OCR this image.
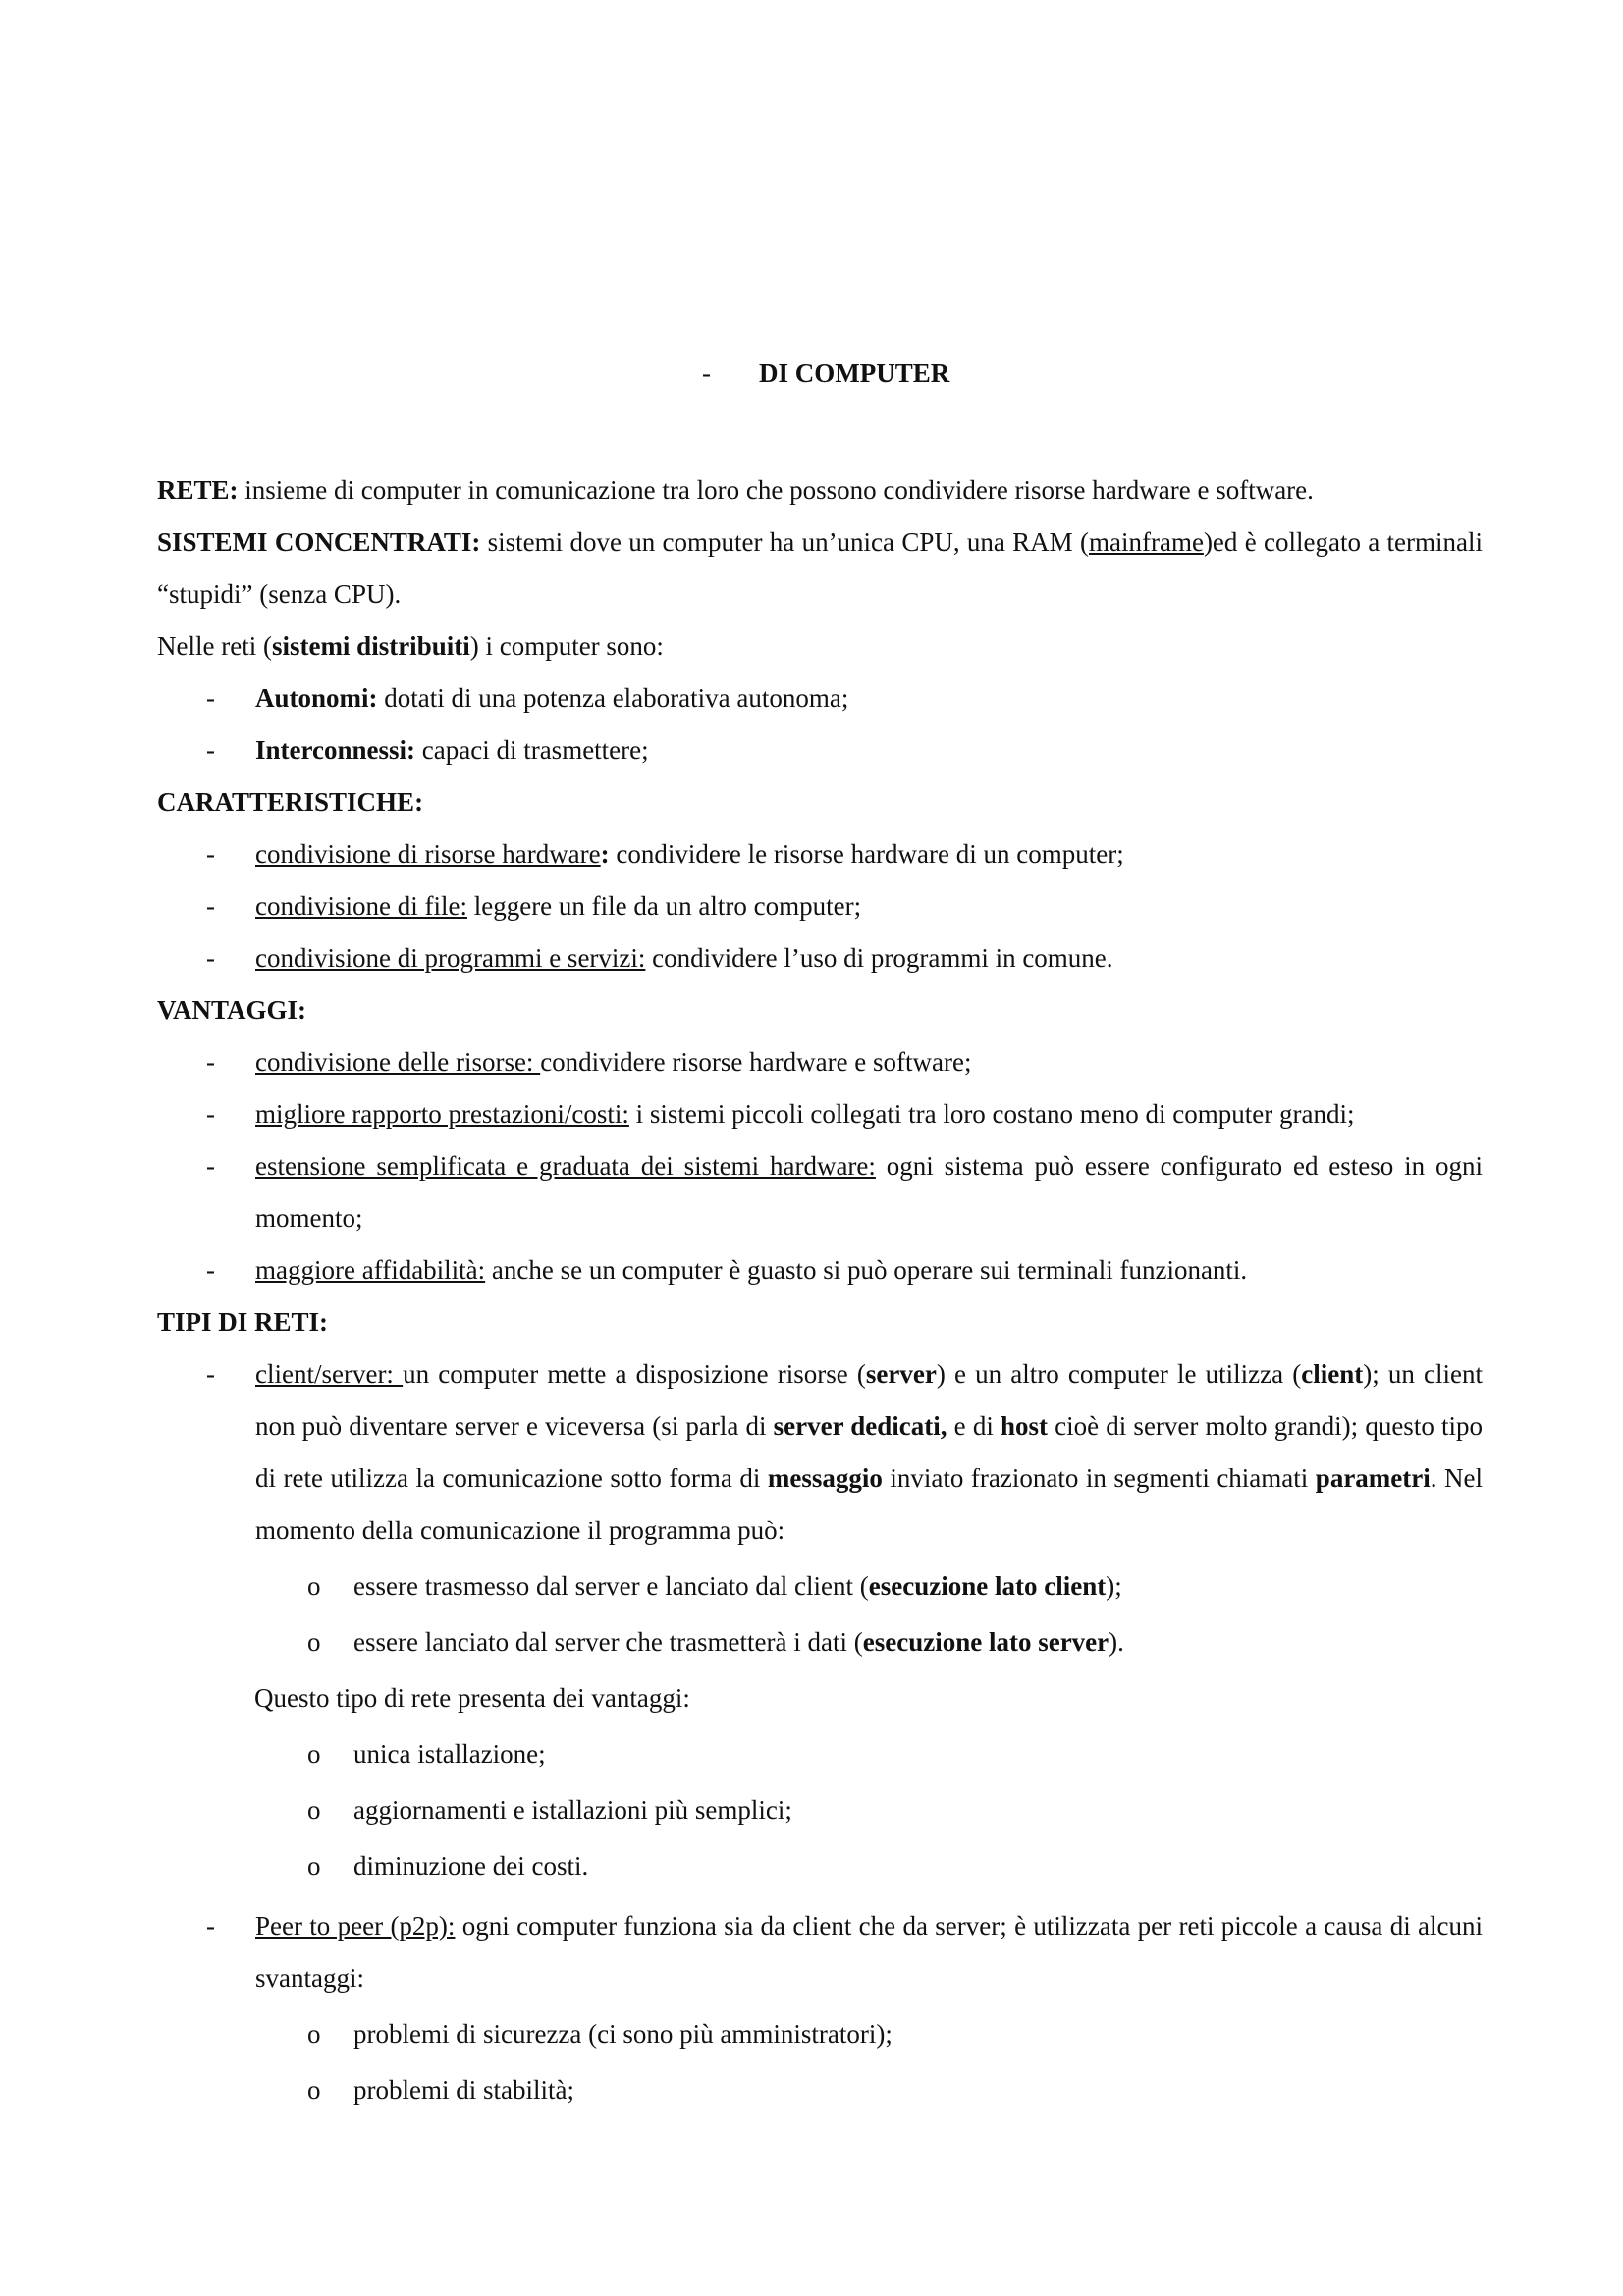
- DI COMPUTER

RETE: insieme di computer in comunicazione tra loro che possono condividere risorse hardware e software.

SISTEMI CONCENTRATI: sistemi dove un computer ha un’unica CPU, una RAM (mainframe)ed è collegato a terminali “stupidi” (senza CPU).

Nelle reti (sistemi distribuiti) i computer sono:

- Autonomi: dotati di una potenza elaborativa autonoma;
- Interconnessi: capaci di trasmettere;

CARATTERISTICHE:

- condivisione di risorse hardware: condividere le risorse hardware di un computer;
- condivisione di file: leggere un file da un altro computer;
- condivisione di programmi e servizi: condividere l’uso di programmi in comune.

VANTAGGI:

- condivisione delle risorse: condividere risorse hardware e software;
- migliore rapporto prestazioni/costi: i sistemi piccoli collegati tra loro costano meno di computer grandi;
- estensione semplificata e graduata dei sistemi hardware: ogni sistema può essere configurato ed esteso in ogni momento;
- maggiore affidabilità: anche se un computer è guasto si può operare sui terminali funzionanti.

TIPI DI RETI:

- client/server: un computer mette a disposizione risorse (server) e un altro computer le utilizza (client); un client non può diventare server e viceversa (si parla di server dedicati, e di host cioè di server molto grandi); questo tipo di rete utilizza la comunicazione sotto forma di messaggio inviato frazionato in segmenti chiamati parametri. Nel momento della comunicazione il programma può:
o essere trasmesso dal server e lanciato dal client (esecuzione lato client);
o essere lanciato dal server che trasmetterà i dati (esecuzione lato server).
Questo tipo di rete presenta dei vantaggi:
o unica istallazione;
o aggiornamenti e istallazioni più semplici;
o diminuzione dei costi.
- Peer to peer (p2p): ogni computer funziona sia da client che da server; è utilizzata per reti piccole a causa di alcuni svantaggi:
o problemi di sicurezza (ci sono più amministratori);
o problemi di stabilità;
